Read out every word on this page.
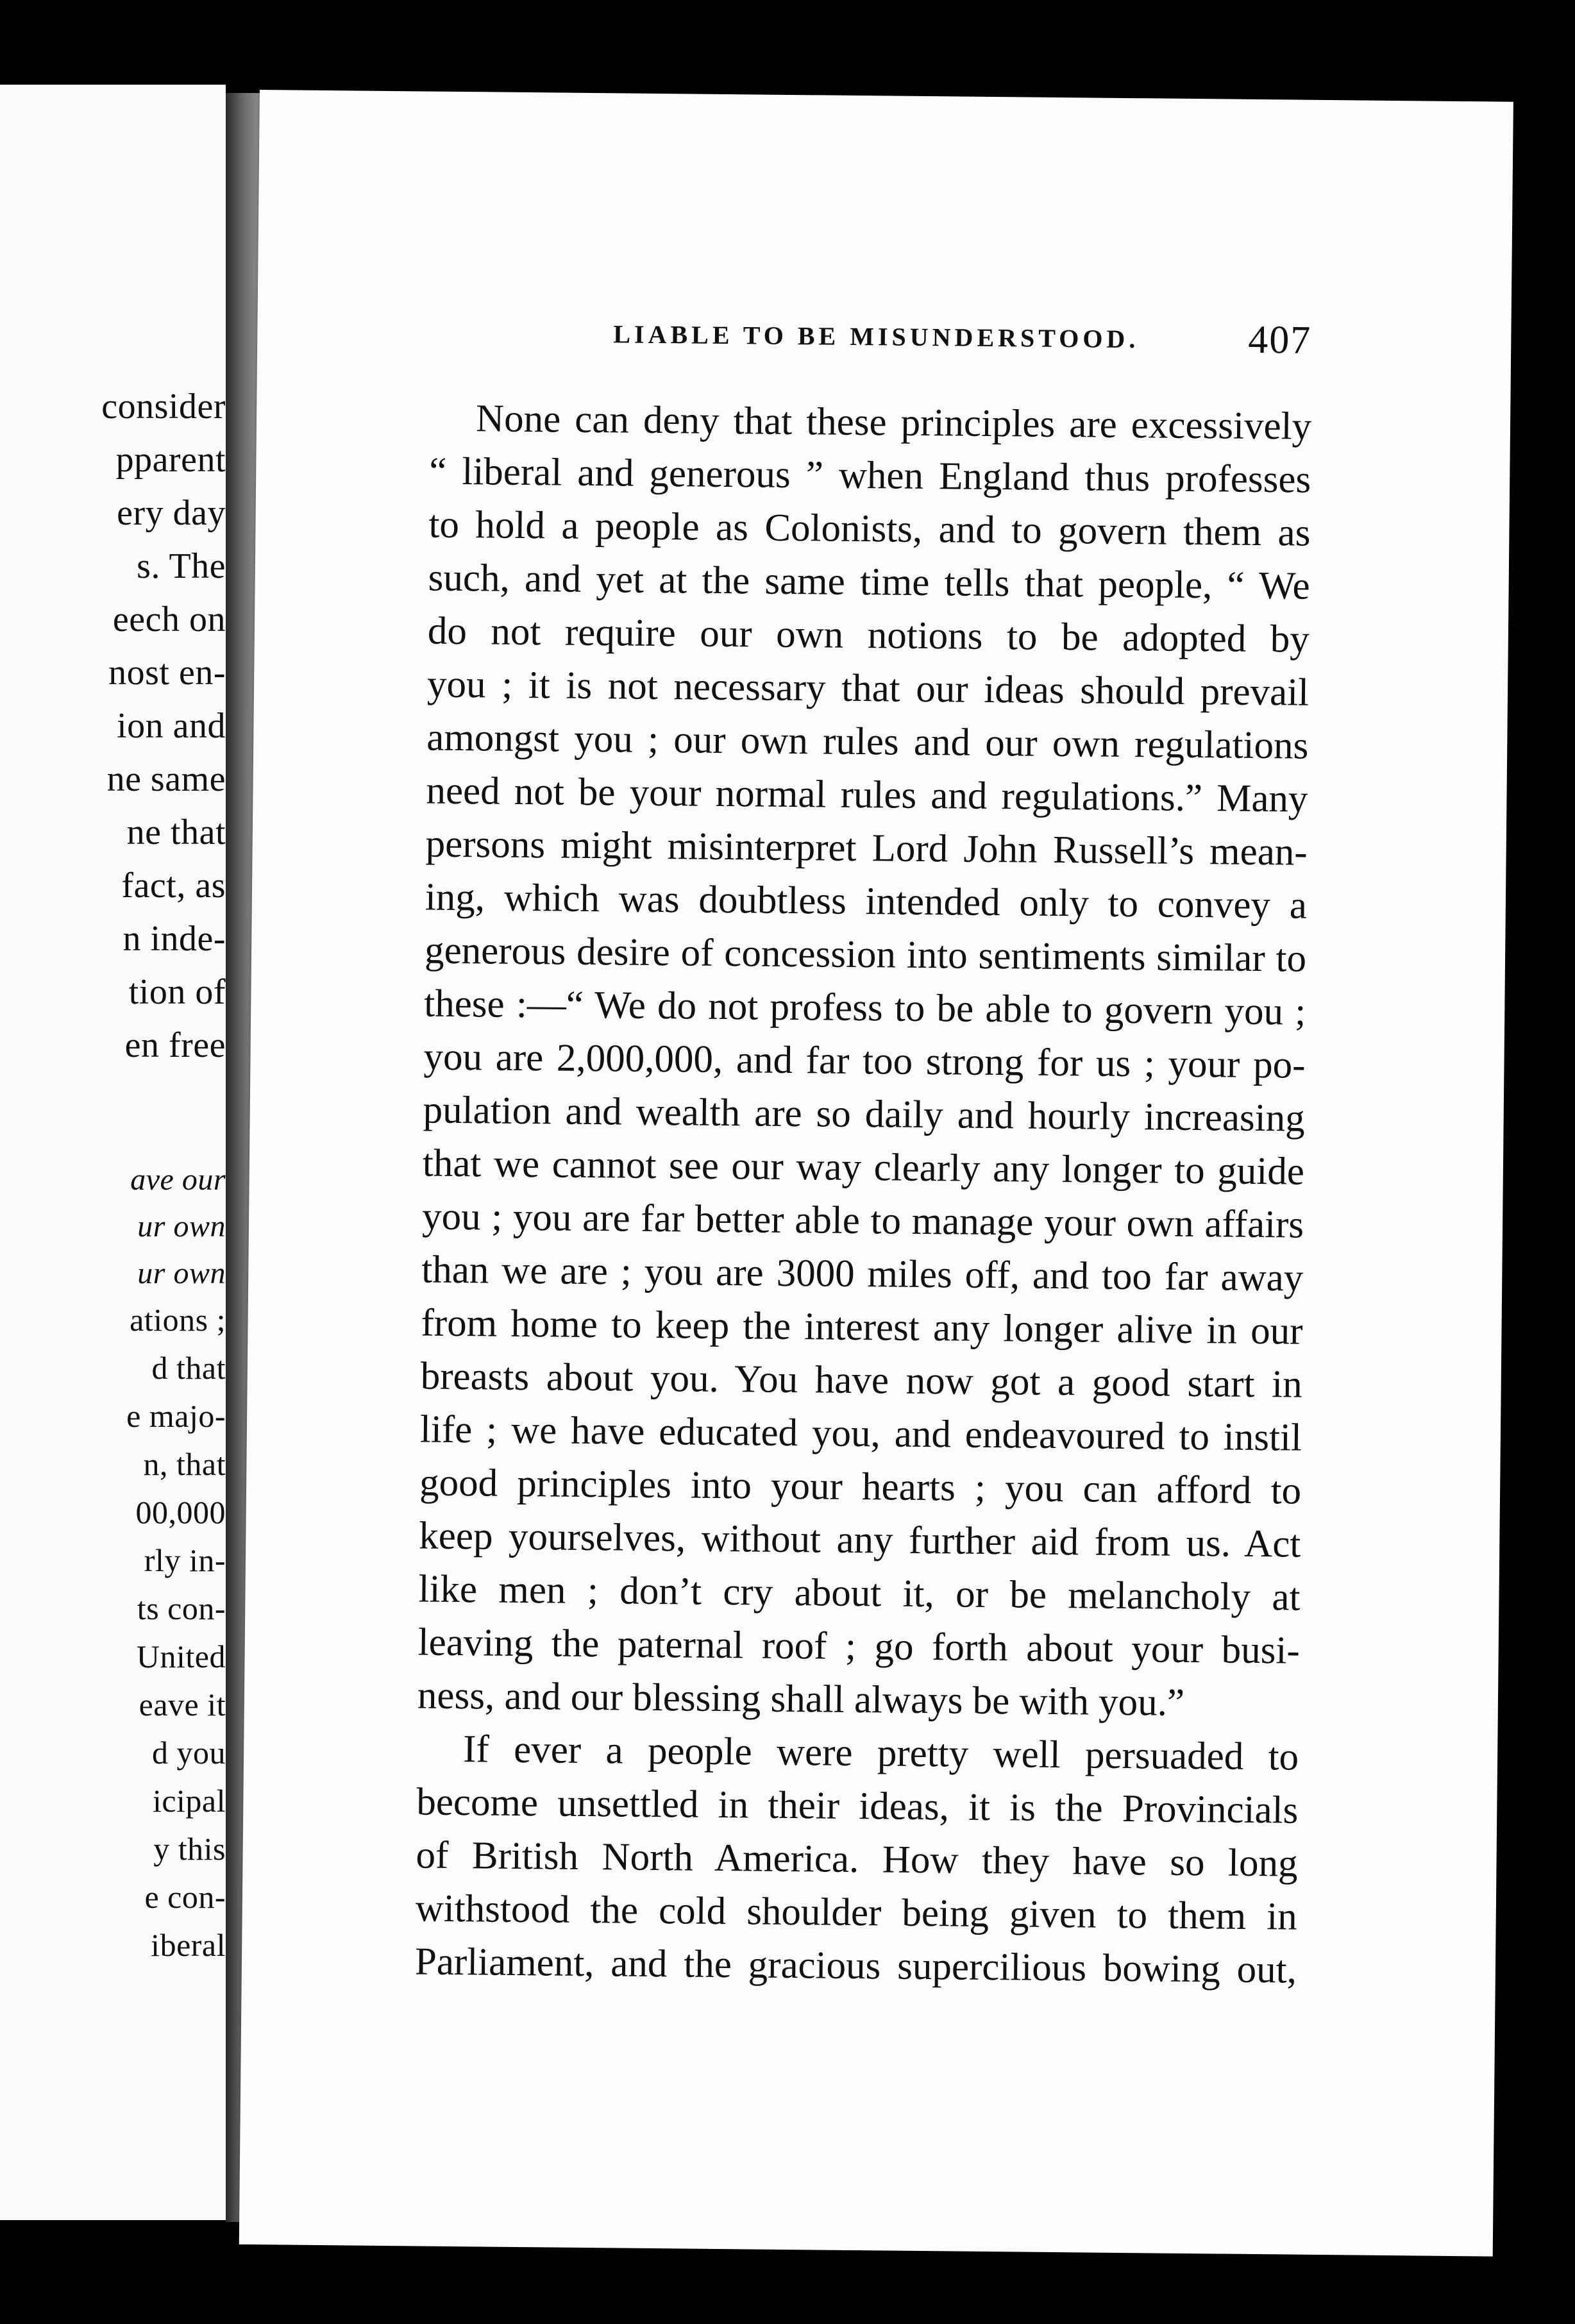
consider
pparent
ery day
s. The
eech on
nost en-
ion and
ne same
ne that
fact, as
n inde-
tion of
en free
ave our
ur own
ur own
ations ;
d that
e majo-
n, that
00,000
rly in-
ts con-
United
eave it
d you
icipal
y this
e con-
iberal
LIABLE TO BE MISUNDERSTOOD.	407
None can deny that these principles are excessively
“ liberal and generous ” when England thus professes
to hold a people as Colonists, and to govern them as
such, and yet at the same time tells that people, “ We
do not require our own notions to be adopted by
you ; it is not necessary that our ideas should prevail
amongst you ; our own rules and our own regulations
need not be your normal rules and regulations.” Many
persons might misinterpret Lord John Russell’s mean-
ing, which was doubtless intended only to convey a
generous desire of concession into sentiments similar to
these :—“ We do not profess to be able to govern you ;
you are 2,000,000, and far too strong for us ; your po-
pulation and wealth are so daily and hourly increasing
that we cannot see our way clearly any longer to guide
you ; you are far better able to manage your own affairs
than we are ; you are 3000 miles off, and too far away
from home to keep the interest any longer alive in our
breasts about you. You have now got a good start in
life ; we have educated you, and endeavoured to instil
good principles into your hearts ; you can afford to
keep yourselves, without any further aid from us. Act
like men ; don’t cry about it, or be melancholy at
leaving the paternal roof ; go forth about your busi-
ness, and our blessing shall always be with you.”
If ever a people were pretty well persuaded to
become unsettled in their ideas, it is the Provincials
of British North America. How they have so long
withstood the cold shoulder being given to them in
Parliament, and the gracious supercilious bowing out,
